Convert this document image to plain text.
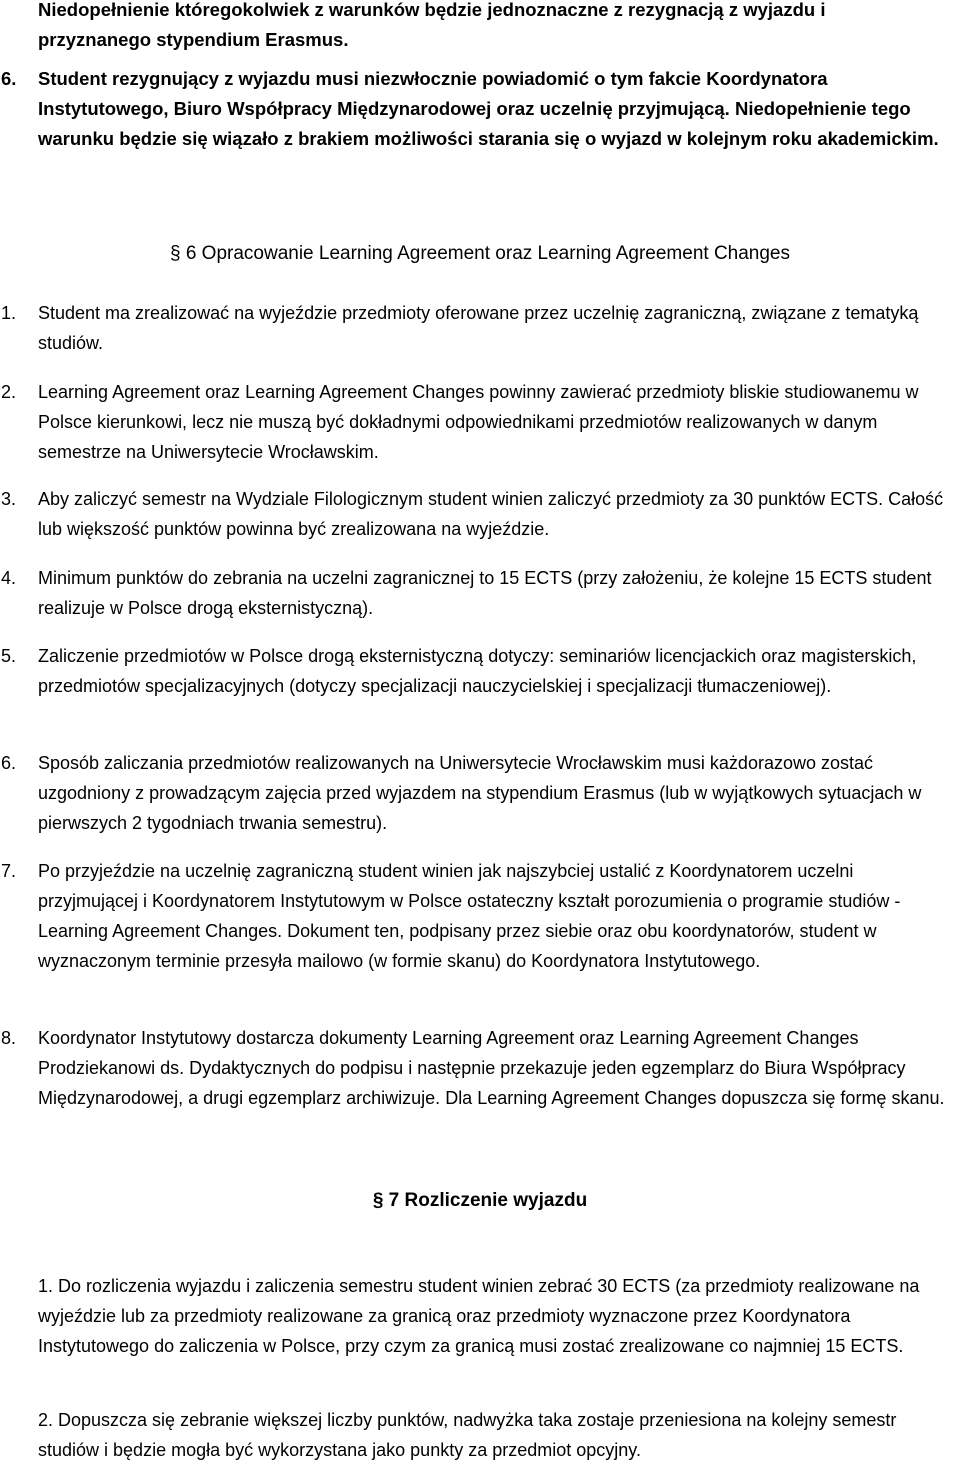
Niedopełnienie któregokolwiek z warunków będzie jednoznaczne z rezygnacją z wyjazdu i przyznanego stypendium Erasmus.
6.	Student rezygnujący z wyjazdu musi niezwłocznie powiadomić o tym fakcie Koordynatora Instytutowego, Biuro Współpracy Międzynarodowej oraz uczelnię przyjmującą. Niedopełnienie tego warunku będzie się wiązało z brakiem możliwości starania się o wyjazd w kolejnym roku akademickim.
§ 6 Opracowanie Learning Agreement oraz Learning Agreement Changes
1.	Student ma zrealizować na wyjeździe przedmioty oferowane przez uczelnię zagraniczną, związane z tematyką studiów.
2.	Learning Agreement oraz Learning Agreement Changes powinny zawierać przedmioty bliskie studiowanemu w Polsce kierunkowi, lecz nie muszą być dokładnymi odpowiednikami przedmiotów realizowanych w danym semestrze na Uniwersytecie Wrocławskim.
3.	Aby zaliczyć semestr na Wydziale Filologicznym student winien zaliczyć przedmioty za 30 punktów ECTS. Całość lub większość punktów powinna być zrealizowana na wyjeździe.
4.	Minimum punktów do zebrania na uczelni zagranicznej to 15 ECTS (przy założeniu, że kolejne 15 ECTS student realizuje w Polsce drogą eksternistyczną).
5.	Zaliczenie przedmiotów w Polsce drogą eksternistyczną dotyczy: seminariów licencjackich oraz magisterskich, przedmiotów specjalizacyjnych (dotyczy specjalizacji nauczycielskiej i specjalizacji tłumaczeniowej).
6.	Sposób zaliczania przedmiotów realizowanych na Uniwersytecie Wrocławskim musi każdorazowo zostać uzgodniony z prowadzącym zajęcia przed wyjazdem na stypendium Erasmus (lub w wyjątkowych sytuacjach w pierwszych 2 tygodniach trwania semestru).
7.	Po przyjeździe na uczelnię zagraniczną student winien jak najszybciej ustalić z Koordynatorem uczelni przyjmującej i Koordynatorem Instytutowym w Polsce ostateczny kształt porozumienia o programie studiów - Learning Agreement Changes. Dokument ten, podpisany przez siebie oraz obu koordynatorów, student w wyznaczonym terminie przesyła mailowo (w formie skanu) do Koordynatora Instytutowego.
8.	Koordynator Instytutowy dostarcza dokumenty Learning Agreement oraz Learning Agreement Changes Prodziekanowi ds. Dydaktycznych do podpisu i następnie przekazuje jeden egzemplarz do Biura Współpracy Międzynarodowej, a drugi egzemplarz archiwizuje. Dla Learning Agreement Changes dopuszcza się formę skanu.
§ 7 Rozliczenie wyjazdu
1. Do rozliczenia wyjazdu i zaliczenia semestru student winien zebrać 30 ECTS (za przedmioty realizowane na wyjeździe lub za przedmioty realizowane za granicą oraz przedmioty wyznaczone przez Koordynatora Instytutowego do zaliczenia w Polsce, przy czym za granicą musi zostać zrealizowane co najmniej 15 ECTS.
2. Dopuszcza się zebranie większej liczby punktów, nadwyżka taka zostaje przeniesiona na kolejny semestr studiów i będzie mogła być wykorzystana jako punkty za przedmiot opcyjny.
